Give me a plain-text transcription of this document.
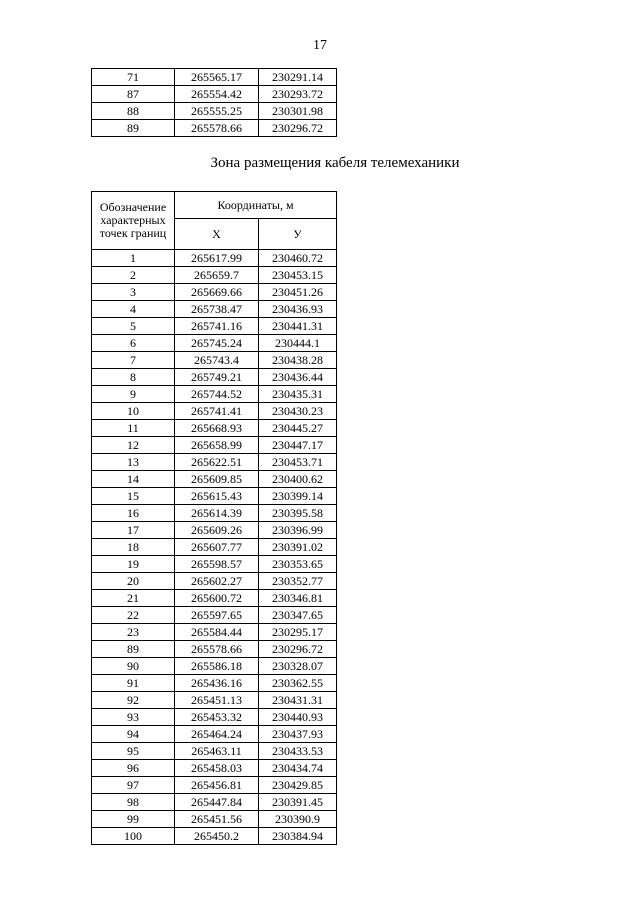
17
71	265565.17	230291.14
87	265554.42	230293.72
88	265555.25	230301.98
89	265578.66	230296.72
Зона размещения кабеля телемеханики
Обозначение характерных точек границ	Координаты, м	
	X	У
1	265617.99	230460.72
2	265659.7	230453.15
3	265669.66	230451.26
4	265738.47	230436.93
5	265741.16	230441.31
6	265745.24	230444.1
7	265743.4	230438.28
8	265749.21	230436.44
9	265744.52	230435.31
10	265741.41	230430.23
11	265668.93	230445.27
12	265658.99	230447.17
13	265622.51	230453.71
14	265609.85	230400.62
15	265615.43	230399.14
16	265614.39	230395.58
17	265609.26	230396.99
18	265607.77	230391.02
19	265598.57	230353.65
20	265602.27	230352.77
21	265600.72	230346.81
22	265597.65	230347.65
23	265584.44	230295.17
89	265578.66	230296.72
90	265586.18	230328.07
91	265436.16	230362.55
92	265451.13	230431.31
93	265453.32	230440.93
94	265464.24	230437.93
95	265463.11	230433.53
96	265458.03	230434.74
97	265456.81	230429.85
98	265447.84	230391.45
99	265451.56	230390.9
100	265450.2	230384.94
